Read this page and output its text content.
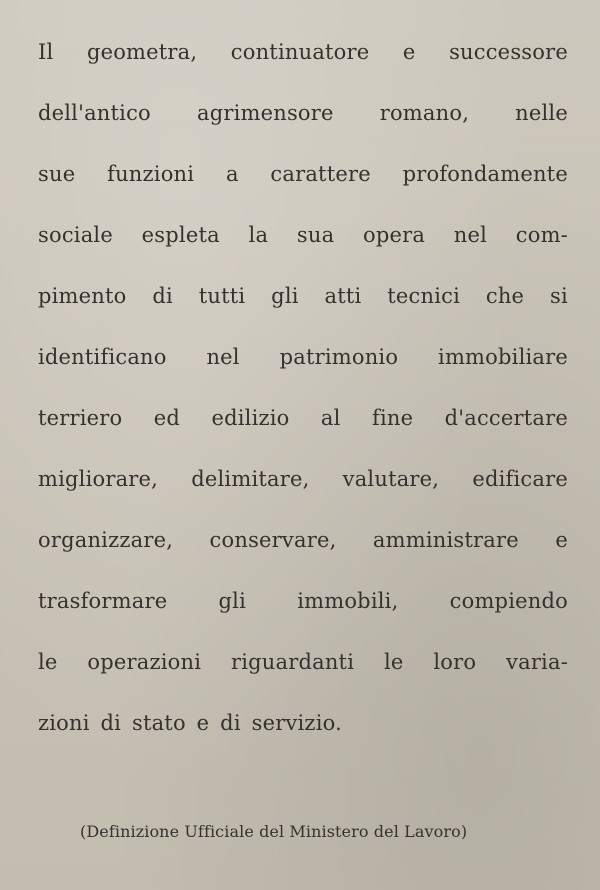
Il geometra, continuatore e successore
dell'antico agrimensore romano, nelle
sue funzioni a carattere profondamente
sociale espleta la sua opera nel com-
pimento di tutti gli atti tecnici che si
identificano nel patrimonio immobiliare
terriero ed edilizio al fine d'accertare
migliorare, delimitare, valutare, edificare
organizzare, conservare, amministrare e
trasformare gli immobili, compiendo
le operazioni riguardanti le loro varia-
zioni di stato e di servizio.

(Definizione Ufficiale del Ministero del Lavoro)
